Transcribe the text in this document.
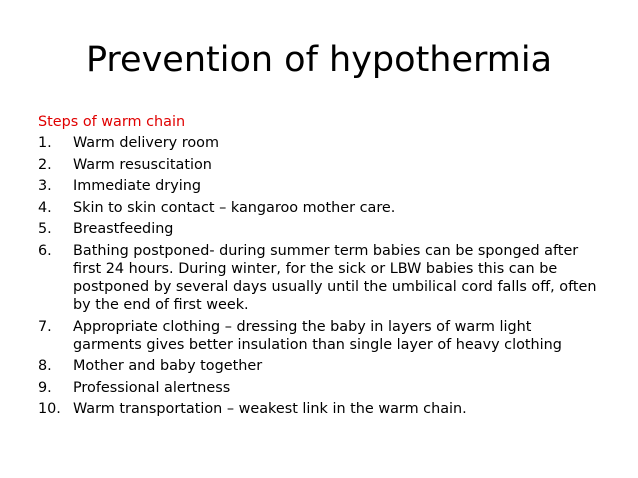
Prevention of hypothermia
Steps of warm chain
1.	Warm delivery room
2.	Warm resuscitation
3.	Immediate drying
4.	Skin to skin contact – kangaroo mother care.
5.	Breastfeeding
6.	Bathing postponed- during summer term babies can be sponged after first 24 hours. During winter, for the sick or LBW babies this can be postponed by several days usually until the umbilical cord falls off, often by the end of first week.
7.	Appropriate clothing – dressing the baby in layers of warm light garments gives better insulation than single layer of heavy clothing
8.	Mother and baby together
9.	Professional alertness
10. Warm transportation – weakest link in the warm chain.
